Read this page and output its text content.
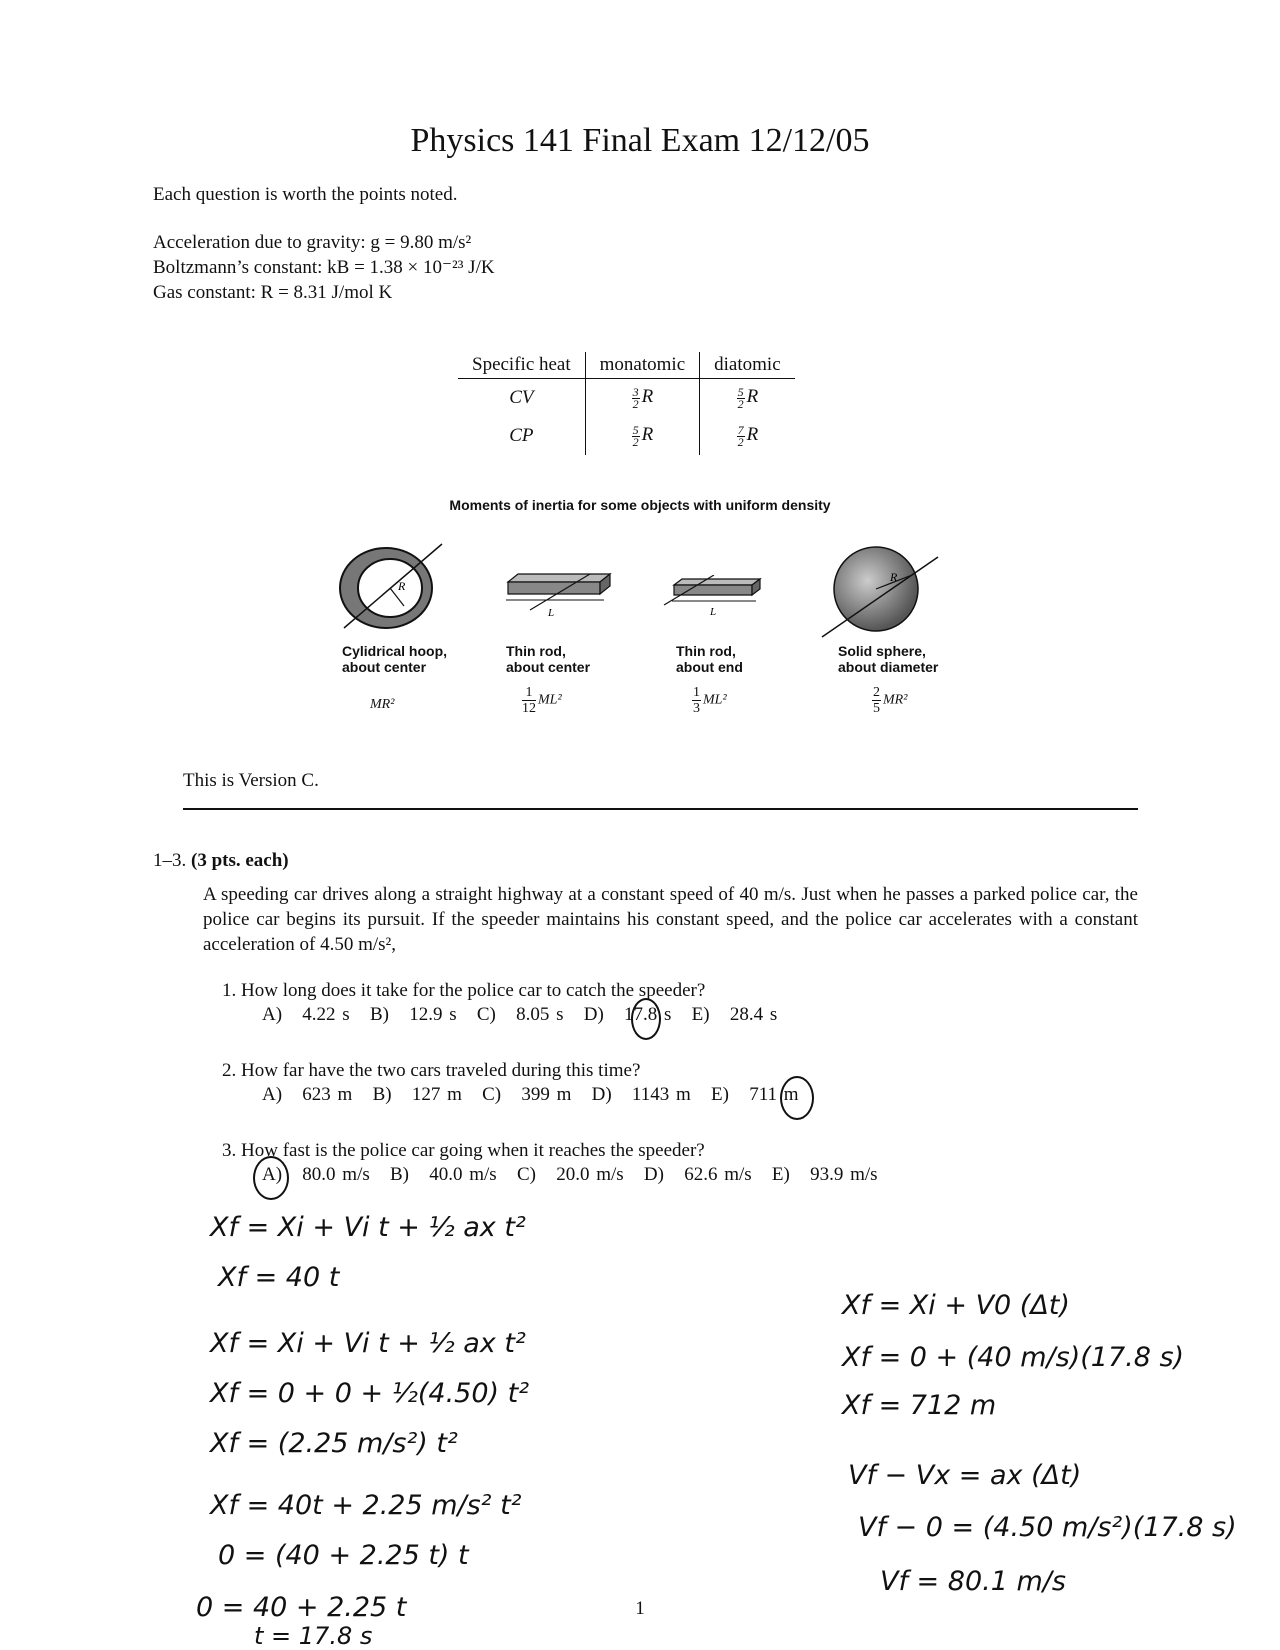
Physics 141 Final Exam 12/12/05
Each question is worth the points noted.
Acceleration due to gravity: g = 9.80 m/s²
Boltzmann’s constant: kB = 1.38 × 10⁻²³ J/K
Gas constant: R = 8.31 J/mol K
Specific heat	monatomic	diatomic
CV	$\frac{3}{2}$ R	$\frac{5}{2}$ R
CP	$\frac{5}{2}$ R	$\frac{7}{2}$ R
Moments of inertia for some objects with uniform density
R
Cylidrical hoop,
about center
MR²
L
Thin rod,
about center
$\frac{1}{12} ML^2$
L
Thin rod,
about end
$\frac{1}{3} ML^2$
R
Solid sphere,
about diameter
$\frac{2}{5} MR^2$
This is Version C.
1–3. (3 pts. each)
A speeding car drives along a straight highway at a constant speed of 40 m/s. Just when he passes a parked police car, the police car begins its pursuit. If the speeder maintains his constant speed, and the police car accelerates with a constant acceleration of 4.50 m/s²,
1. How long does it take for the police car to catch the speeder?
A)   4.22 s   B)   12.9 s   C)   8.05 s   D)   17.8 s   E)   28.4 s
2. How far have the two cars traveled during this time?
A)   623 m   B)   127 m   C)   399 m   D)   1143 m   E)   711 m
3. How fast is the police car going when it reaches the speeder?
A)   80.0 m/s   B)   40.0 m/s   C)   20.0 m/s   D)   62.6 m/s   E)   93.9 m/s
Xf = Xi + Vi t + ½ ax t²
Xf = 40 t
Xf = Xi + Vi t + ½ ax t²
Xf = 0 + 0 + ½(4.50) t²
Xf = (2.25 m/s²) t²
Xf = 40t + 2.25 m/s² t²
0 = (40 + 2.25 t) t
0 = 40 + 2.25 t
t = 17.8 s
Xf = Xi + V0 (Δt)
Xf = 0 + (40 m/s)(17.8 s)
Xf = 712 m
Vf − Vx = ax (Δt)
Vf − 0 = (4.50 m/s²)(17.8 s)
Vf = 80.1 m/s
1
